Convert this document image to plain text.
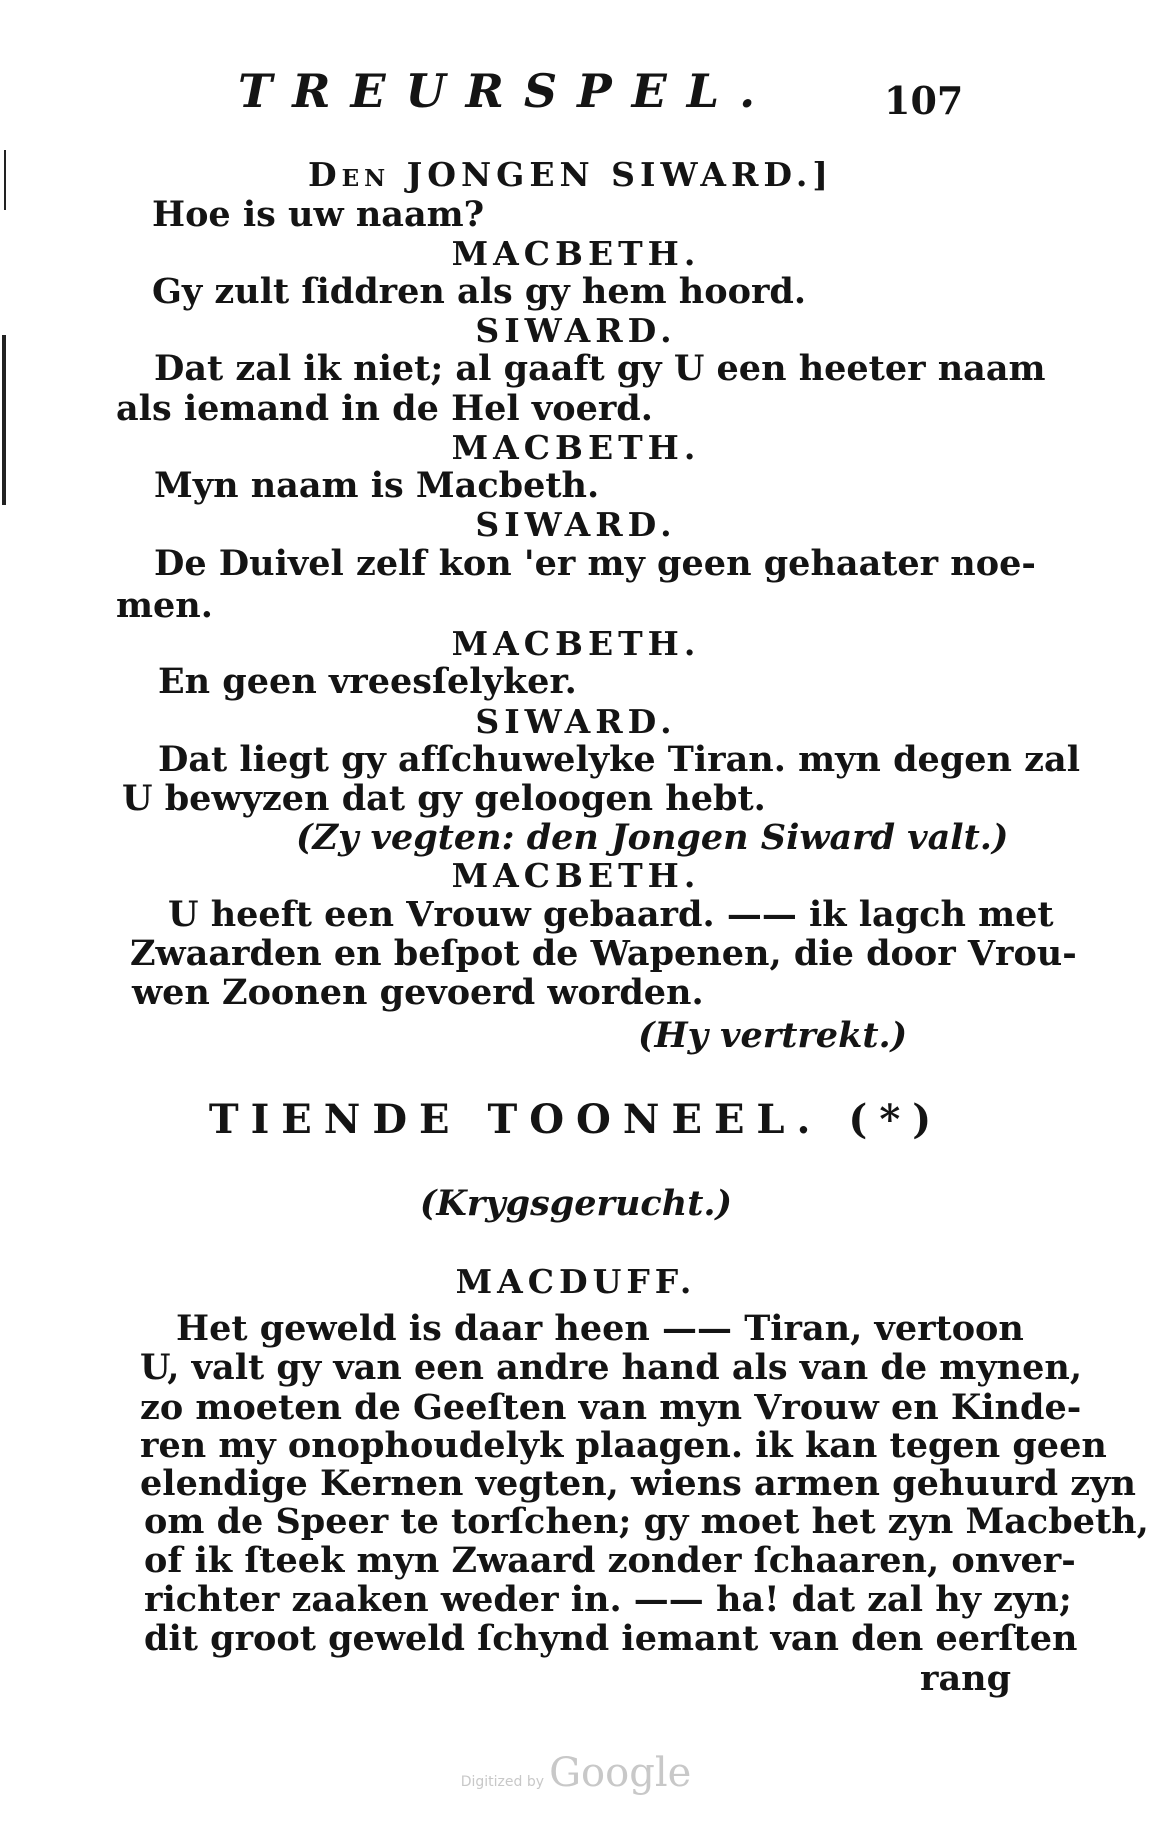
TREURSPEL.	107
Den JONGEN SIWARD.]
Hoe is uw naam?
MACBETH.
Gy zult ſiddren als gy hem hoord.
SIWARD.
Dat zal ik niet; al gaaft gy U een heeter naam
als iemand in de Hel voerd.
MACBETH.
Myn naam is Macbeth.
SIWARD.
De Duivel zelf kon 'er my geen gehaater noe-
men.
MACBETH.
En geen vreesſelyker.
SIWARD.
Dat liegt gy afſchuwelyke Tiran. myn degen zal
U bewyzen dat gy geloogen hebt.
(Zy vegten: den Jongen Siward valt.)
MACBETH.
U heeft een Vrouw gebaard. —— ik lagch met
Zwaarden en beſpot de Wapenen, die door Vrou-
wen Zoonen gevoerd worden.
(Hy vertrekt.)
TIENDE TOONEEL. (*)
(Krygsgerucht.)
MACDUFF.
Het geweld is daar heen —— Tiran, vertoon
U, valt gy van een andre hand als van de mynen,
zo moeten de Geeſten van myn Vrouw en Kinde-
ren my onophoudelyk plaagen. ik kan tegen geen
elendige Kernen vegten, wiens armen gehuurd zyn
om de Speer te torſchen; gy moet het zyn Macbeth,
of ik ſteek myn Zwaard zonder ſchaaren, onver-
richter zaaken weder in. —— ha! dat zal hy zyn;
dit groot geweld ſchynd iemant van den eerſten
rang
Digitized by Google
